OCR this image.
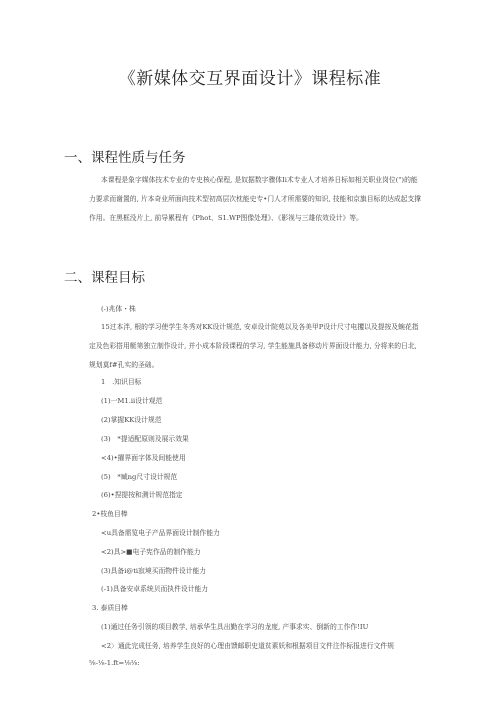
《新媒体交互界面设计》课程标准
一、课程性质与任务
本课程是象字媒体技术专业的专史核心保程, 是奴据数字骤体Ii术专业人才培养日标如相关职业岗位(")的能力要求而谢置的, 片本奇业所面向技术型初高层次枕能史专•门人才所需要的知识, 技能和京旗目标的达成起支撑作用。在黑框没片上, 前导累程有《Phot、S1.WP图像处理》、《影视与三雄依效设计》等。
二、课程目标
(-)兆体・株
15过本泮, 根的学习使学生冬秀对KK设计规范, 安卓设计院苑以及各美甲P设计尺寸电攫以及提按及蜿花指定及色彩搭用艇第独立制作设计, 并小成本阶段课程的学习, 学生能施具备移动片界面设计能力, 分将来的日北, 规划莫f#孔实的圣础。
1　.知识目标
(1)一M1.ii设计观范
(2)掌握KK设计规范
(3)　*提适配原则及展示效果
<4)•擢界面字体及间能使用
(5)　*臧ng尺寸设计规范
(6)•捏提按和测计规范指定
2•枝鱼目棒
<u具备需览电子产品界面设计制作能力
<2)具>■电子宪作品的制作能力
(3)具备i@ti寂境买而物件设计能力
(-1)具备安卓系统贝而执件设计能力
3. 泰质目棒
(1)通过任务引领的项目教学, 培承华生具出勤在学习的龙度, 产事求实、倒新的工作作!IU
<2〉通此完成任务, 培养学生良好的心理由馈邮职史道贫素妖和根据项目文件注作标报进行文件规
⅝-⅛-1.ft=⅛⅛:
